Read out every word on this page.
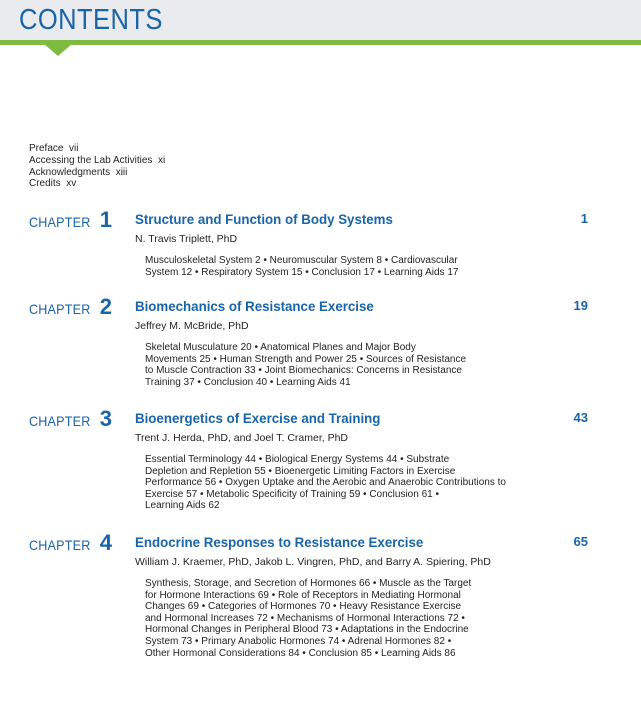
CONTENTS
Preface  vii
Accessing the Lab Activities  xi
Acknowledgments  xiii
Credits  xv
CHAPTER 1 Structure and Function of Body Systems	1
N. Travis Triplett, PhD
Musculoskeletal System 2 • Neuromuscular System 8 • Cardiovascular
System 12 • Respiratory System 15 • Conclusion 17 • Learning Aids 17
CHAPTER 2 Biomechanics of Resistance Exercise	19
Jeffrey M. McBride, PhD
Skeletal Musculature 20 • Anatomical Planes and Major Body
Movements 25 • Human Strength and Power 25 • Sources of Resistance
to Muscle Contraction 33 • Joint Biomechanics: Concerns in Resistance
Training 37 • Conclusion 40 • Learning Aids 41
CHAPTER 3 Bioenergetics of Exercise and Training	43
Trent J. Herda, PhD, and Joel T. Cramer, PhD
Essential Terminology 44 • Biological Energy Systems 44 • Substrate
Depletion and Repletion 55 • Bioenergetic Limiting Factors in Exercise
Performance 56 • Oxygen Uptake and the Aerobic and Anaerobic Contributions to
Exercise 57 • Metabolic Specificity of Training 59 • Conclusion 61 •
Learning Aids 62
CHAPTER 4 Endocrine Responses to Resistance Exercise	65
William J. Kraemer, PhD, Jakob L. Vingren, PhD, and Barry A. Spiering, PhD
Synthesis, Storage, and Secretion of Hormones 66 • Muscle as the Target
for Hormone Interactions 69 • Role of Receptors in Mediating Hormonal
Changes 69 • Categories of Hormones 70 • Heavy Resistance Exercise
and Hormonal Increases 72 • Mechanisms of Hormonal Interactions 72 •
Hormonal Changes in Peripheral Blood 73 • Adaptations in the Endocrine
System 73 • Primary Anabolic Hormones 74 • Adrenal Hormones 82 •
Other Hormonal Considerations 84 • Conclusion 85 • Learning Aids 86
